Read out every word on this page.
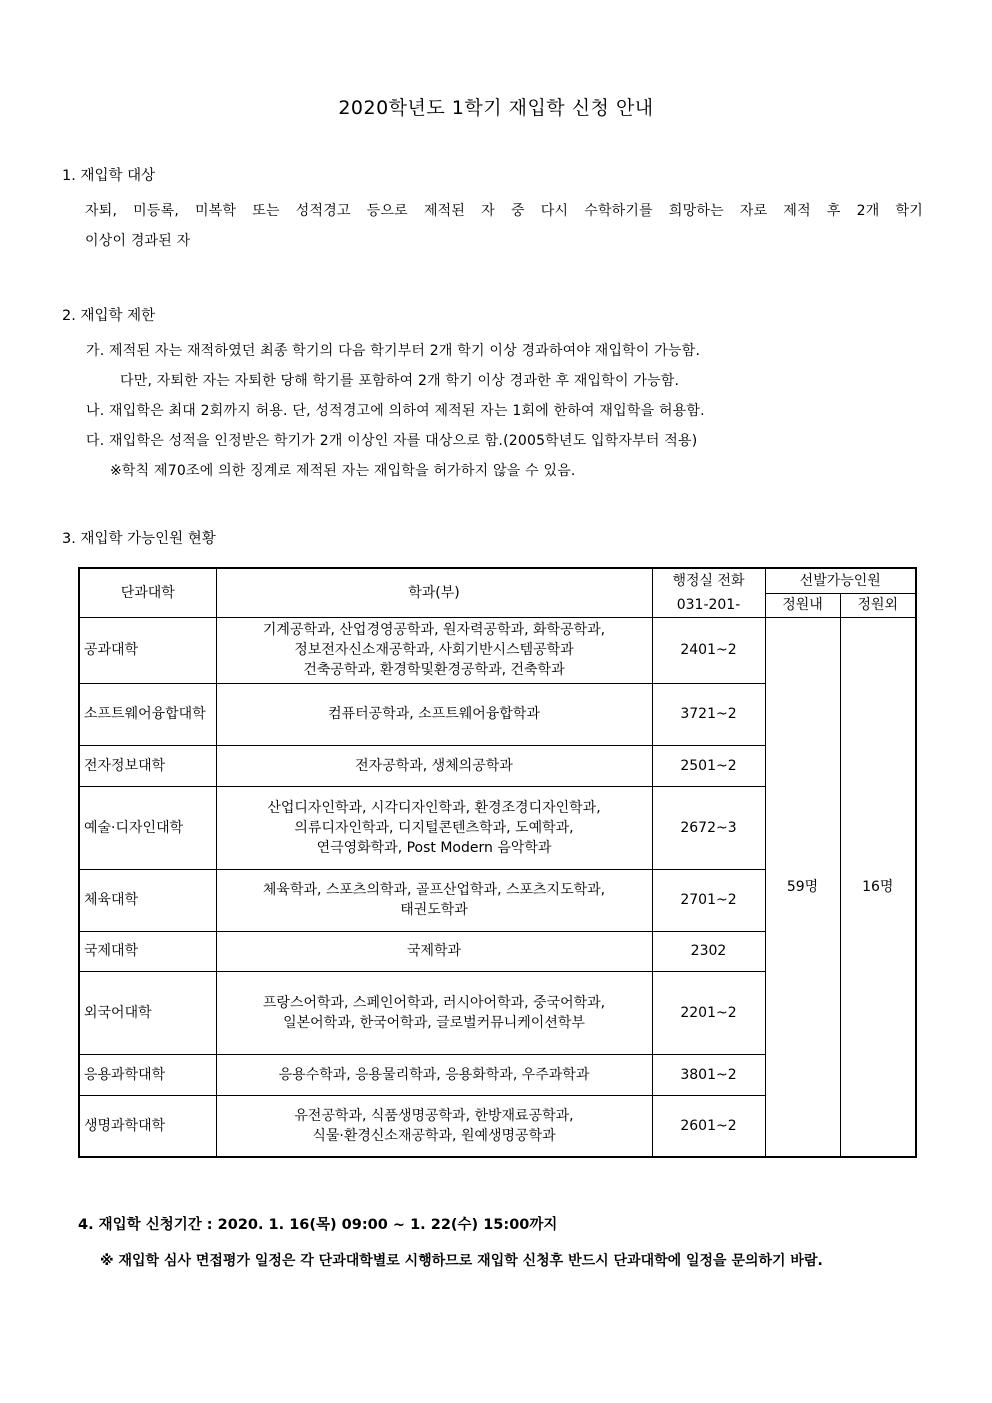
2020학년도 1학기 재입학 신청 안내
1. 재입학 대상
자퇴, 미등록, 미복학 또는 성적경고 등으로 제적된 자 중 다시 수학하기를 희망하는 자로 제적 후 2개 학기
이상이 경과된 자
2. 재입학 제한
가. 제적된 자는 재적하였던 최종 학기의 다음 학기부터 2개 학기 이상 경과하여야 재입학이 가능함.
다만, 자퇴한 자는 자퇴한 당해 학기를 포함하여 2개 학기 이상 경과한 후 재입학이 가능함.
나. 재입학은 최대 2회까지 허용. 단, 성적경고에 의하여 제적된 자는 1회에 한하여 재입학을 허용함.
다. 재입학은 성적을 인정받은 학기가 2개 이상인 자를 대상으로 함.(2005학년도 입학자부터 적용)
※학칙 제70조에 의한 징계로 제적된 자는 재입학을 허가하지 않을 수 있음.
3. 재입학 가능인원 현황
단과대학	학과(부)	행정실 전화	선발가능인원	
		031-201-	정원내	정원외
공과대학	기계공학과, 산업경영공학과, 원자력공학과, 화학공학과,
정보전자신소재공학과, 사회기반시스템공학과
건축공학과, 환경학및환경공학과, 건축학과	2401~2	59명	16명
소프트웨어융합대학	컴퓨터공학과, 소프트웨어융합학과	3721~2		
전자정보대학	전자공학과, 생체의공학과	2501~2		
예술·디자인대학	산업디자인학과, 시각디자인학과, 환경조경디자인학과,
의류디자인학과, 디지털콘텐츠학과, 도예학과,
연극영화학과, Post Modern 음악학과	2672~3		
체육대학	체육학과, 스포츠의학과, 골프산업학과, 스포츠지도학과,
태권도학과	2701~2		
국제대학	국제학과	2302		
외국어대학	프랑스어학과, 스페인어학과, 러시아어학과, 중국어학과,
일본어학과, 한국어학과, 글로벌커뮤니케이션학부	2201~2		
응용과학대학	응용수학과, 응용물리학과, 응용화학과, 우주과학과	3801~2		
생명과학대학	유전공학과, 식품생명공학과, 한방재료공학과,
식물·환경신소재공학과, 원예생명공학과	2601~2		
4. 재입학 신청기간 : 2020. 1. 16(목) 09:00 ~ 1. 22(수) 15:00까지
※ 재입학 심사 면접평가 일정은 각 단과대학별로 시행하므로 재입학 신청후 반드시 단과대학에 일정을 문의하기 바람.
